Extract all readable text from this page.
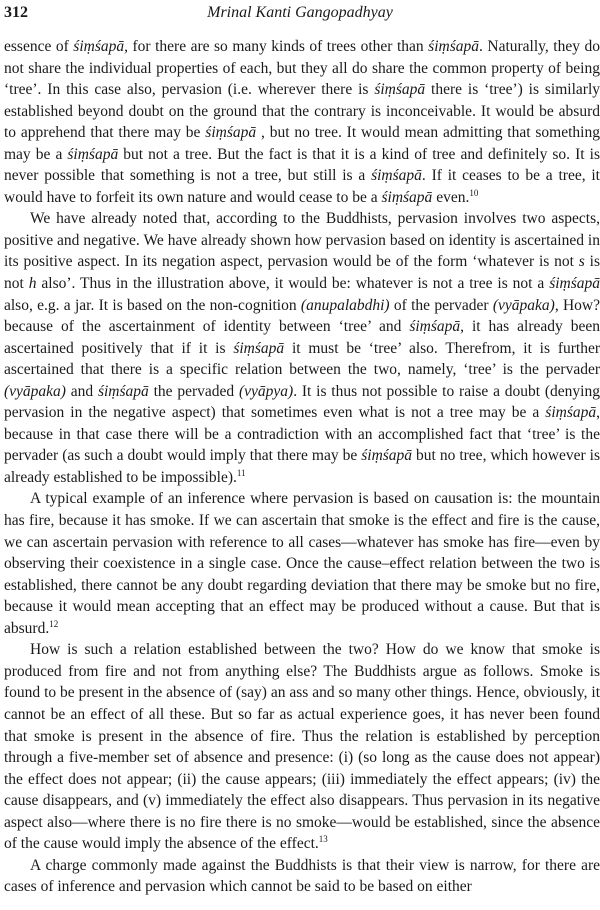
312	Mrinal Kanti Gangopadhyay

essence of śiṃśapā, for there are so many kinds of trees other than śiṃśapā. Naturally, they do not share the individual properties of each, but they all do share the common property of being ‘tree’. In this case also, pervasion (i.e. wherever there is śiṃśapā there is ‘tree’) is similarly established beyond doubt on the ground that the contrary is inconceivable. It would be absurd to apprehend that there may be śiṃśapā , but no tree. It would mean admitting that something may be a śiṃśapā but not a tree. But the fact is that it is a kind of tree and definitely so. It is never possible that something is not a tree, but still is a śiṃśapā. If it ceases to be a tree, it would have to forfeit its own nature and would cease to be a śiṃśapā even.$^{10}$

We have already noted that, according to the Buddhists, pervasion involves two aspects, positive and negative. We have already shown how pervasion based on identity is ascertained in its positive aspect. In its negation aspect, pervasion would be of the form ‘whatever is not s is not h also’. Thus in the illustration above, it would be: whatever is not a tree is not a śiṃśapā also, e.g. a jar. It is based on the non-cognition (anupalabdhi) of the pervader (vyāpaka), How? because of the ascertainment of identity between ‘tree’ and śiṃśapā, it has already been ascertained positively that if it is śiṃśapā it must be ‘tree’ also. Therefrom, it is further ascertained that there is a specific relation between the two, namely, ‘tree’ is the pervader (vyāpaka) and śiṃśapā the pervaded (vyāpya). It is thus not possible to raise a doubt (denying pervasion in the negative aspect) that sometimes even what is not a tree may be a śiṃśapā, because in that case there will be a contradiction with an accomplished fact that ‘tree’ is the pervader (as such a doubt would imply that there may be śiṃśapā but no tree, which however is already established to be impossible).$^{11}$

A typical example of an inference where pervasion is based on causation is: the mountain has fire, because it has smoke. If we can ascertain that smoke is the effect and fire is the cause, we can ascertain pervasion with reference to all cases—whatever has smoke has fire—even by observing their coexistence in a single case. Once the cause–effect relation between the two is established, there cannot be any doubt regarding deviation that there may be smoke but no fire, because it would mean accepting that an effect may be produced without a cause. But that is absurd.$^{12}$

How is such a relation established between the two? How do we know that smoke is produced from fire and not from anything else? The Buddhists argue as follows. Smoke is found to be present in the absence of (say) an ass and so many other things. Hence, obviously, it cannot be an effect of all these. But so far as actual experience goes, it has never been found that smoke is present in the absence of fire. Thus the relation is established by perception through a five-member set of absence and presence: (i) (so long as the cause does not appear) the effect does not appear; (ii) the cause appears; (iii) immediately the effect appears; (iv) the cause disappears, and (v) immediately the effect also disappears. Thus pervasion in its negative aspect also—where there is no fire there is no smoke—would be established, since the absence of the cause would imply the absence of the effect.$^{13}$

A charge commonly made against the Buddhists is that their view is narrow, for there are cases of inference and pervasion which cannot be said to be based on either
